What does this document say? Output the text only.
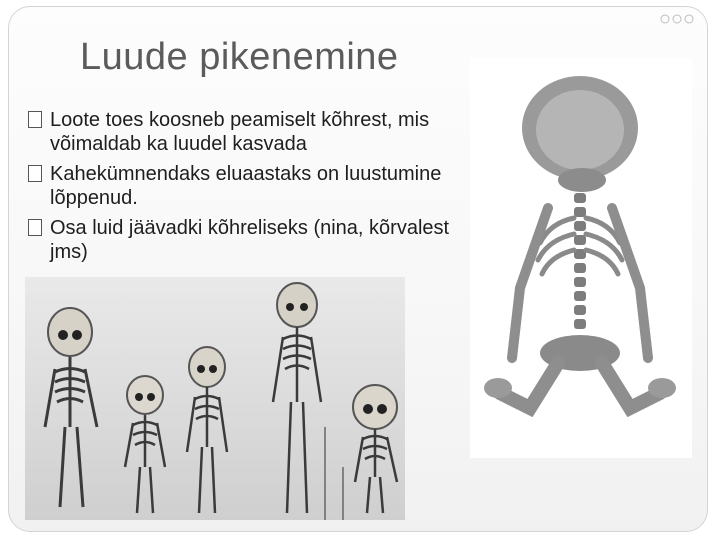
Luude pikenemine
Loote toes koosneb peamiselt kõhrest, mis võimaldab ka luudel kasvada
Kahekümnendaks eluaastaks on luustumine lõppenud.
Osa luid jäävadki kõhreliseks (nina, kõrvalest jms)
